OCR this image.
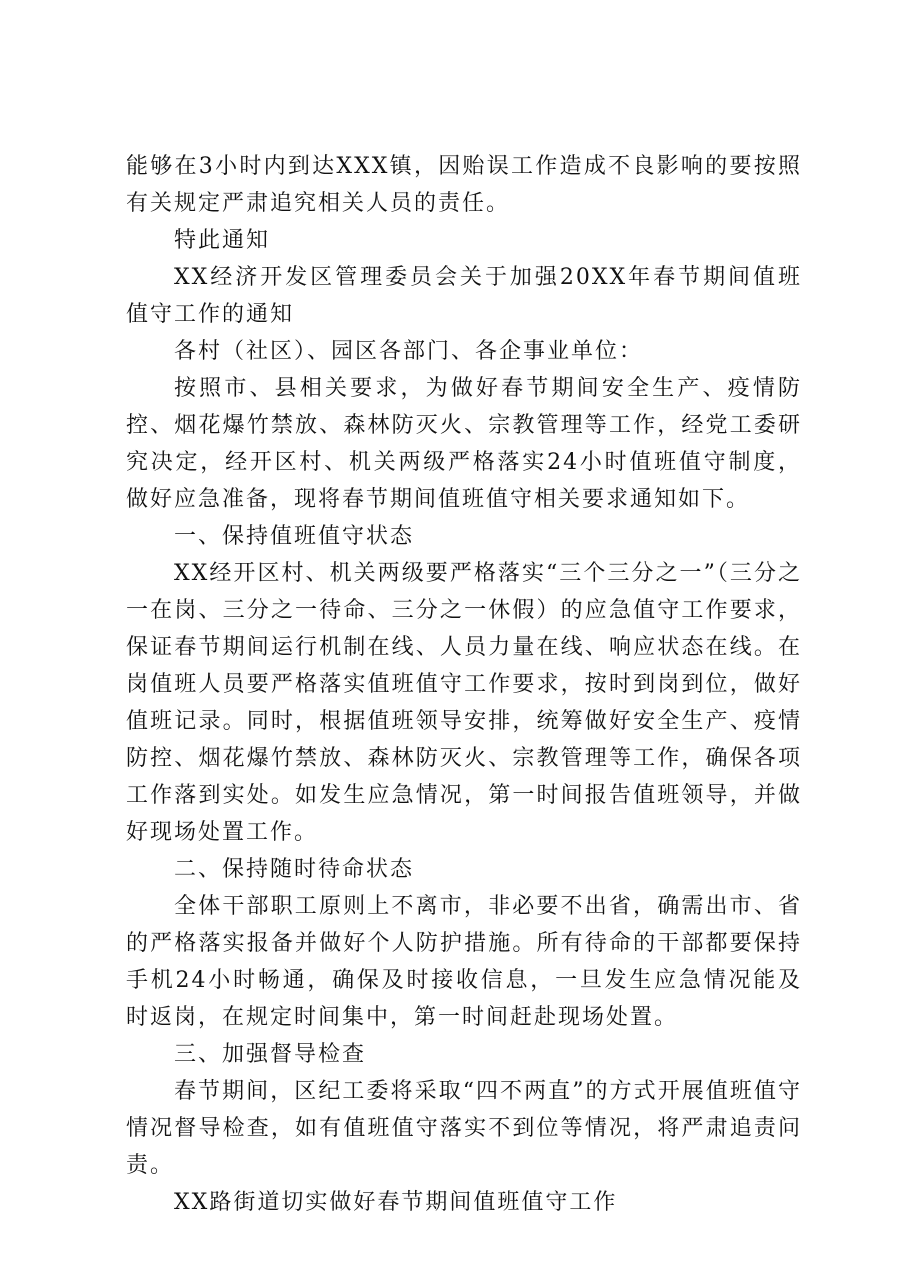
能够在3小时内到达XXX镇，因贻误工作造成不良影响的要按照有关规定严肃追究相关人员的责任。

特此通知

XX经济开发区管理委员会关于加强20XX年春节期间值班值守工作的通知

各村（社区）、园区各部门、各企事业单位：

按照市、县相关要求，为做好春节期间安全生产、疫情防控、烟花爆竹禁放、森林防灭火、宗教管理等工作，经党工委研究决定，经开区村、机关两级严格落实24小时值班值守制度，做好应急准备，现将春节期间值班值守相关要求通知如下。

一、保持值班值守状态

XX经开区村、机关两级要严格落实“三个三分之一”（三分之一在岗、三分之一待命、三分之一休假）的应急值守工作要求，保证春节期间运行机制在线、人员力量在线、响应状态在线。在岗值班人员要严格落实值班值守工作要求，按时到岗到位，做好值班记录。同时，根据值班领导安排，统筹做好安全生产、疫情防控、烟花爆竹禁放、森林防灭火、宗教管理等工作，确保各项工作落到实处。如发生应急情况，第一时间报告值班领导，并做好现场处置工作。

二、保持随时待命状态

全体干部职工原则上不离市，非必要不出省，确需出市、省的严格落实报备并做好个人防护措施。所有待命的干部都要保持手机24小时畅通，确保及时接收信息，一旦发生应急情况能及时返岗，在规定时间集中，第一时间赶赴现场处置。

三、加强督导检查

春节期间，区纪工委将采取“四不两直”的方式开展值班值守情况督导检查，如有值班值守落实不到位等情况，将严肃追责问责。

XX路街道切实做好春节期间值班值守工作
